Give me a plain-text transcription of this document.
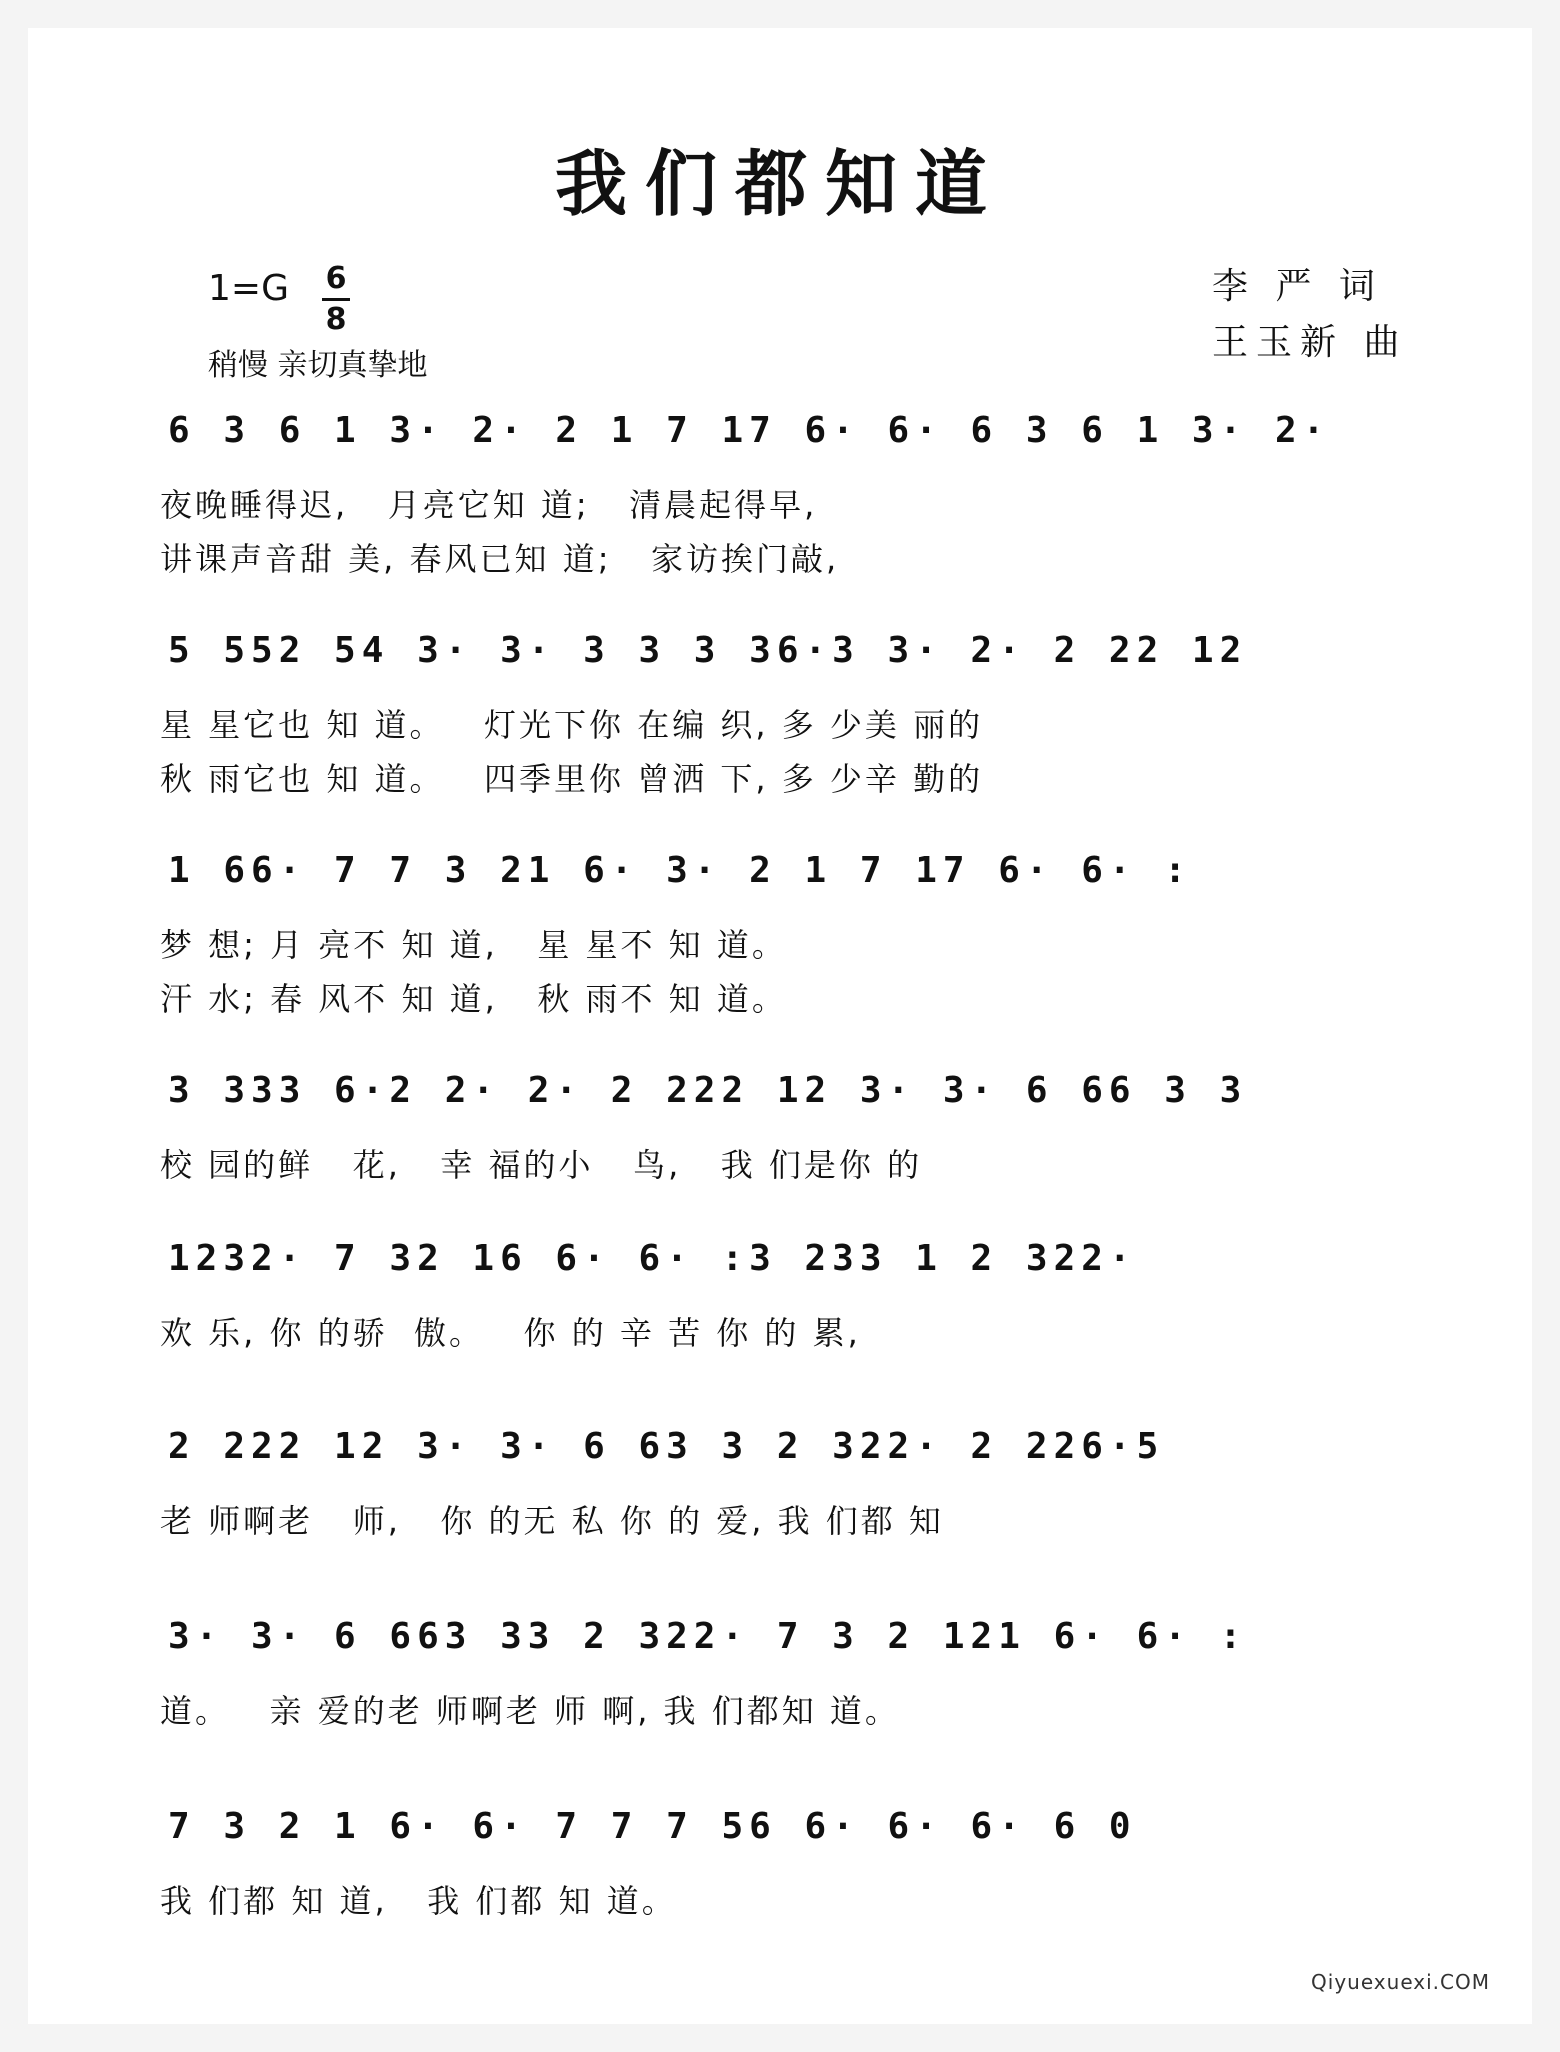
我们都知道
1=G	6
8
稍慢 亲切真挚地
李 严 词
王玉新 曲
6 3 6 1 3· 2· 2 1 7 17 6· 6· 6 3 6 1 3· 2·
夜晚睡得迟,   月亮它知 道;   清晨起得早,
讲课声音甜 美, 春风已知 道;   家访挨门敲,
5 552 54 3· 3· 3 3 3 36·3 3· 2· 2 22 12
星 星它也 知 道。   灯光下你 在编 织, 多 少美 丽的
秋 雨它也 知 道。   四季里你 曾洒 下, 多 少辛 勤的
1 66· 7 7 3 21 6· 3· 2 1 7 17 6· 6· :
梦 想; 月 亮不 知 道,   星 星不 知 道。
汗 水; 春 风不 知 道,   秋 雨不 知 道。
3 333 6·2 2· 2· 2 222 12 3· 3· 6 66 3 3
校 园的鲜   花,   幸 福的小   鸟,   我 们是你 的
1232· 7 32 16 6· 6· :3 233 1 2 322·
欢 乐, 你 的骄  傲。   你 的 辛 苦 你 的 累,
2 222 12 3· 3· 6 63 3 2 322· 2 226·5
老 师啊老   师,   你 的无 私 你 的 爱, 我 们都 知
3· 3· 6 663 33 2 322· 7 3 2 121 6· 6· :
道。   亲 爱的老 师啊老 师 啊, 我 们都知 道。
7 3 2 1 6· 6· 7 7 7 56 6· 6· 6· 6 0
我 们都 知 道,   我 们都 知 道。
Qiyuexuexi.COM
